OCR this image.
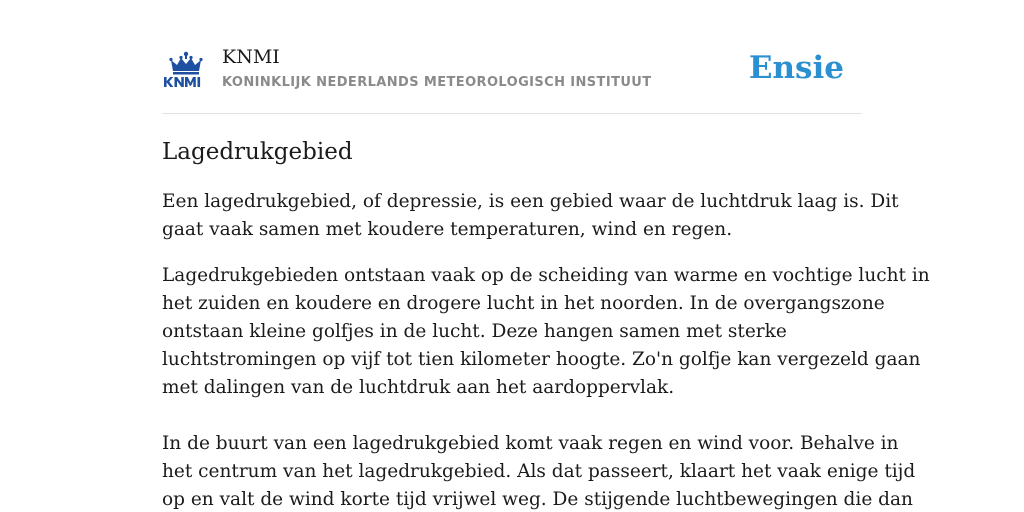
KNMI
KONINKLIJK NEDERLANDS METEOROLOGISCH INSTITUUT	Ensie
Lagedrukgebied

Een lagedrukgebied, of depressie, is een gebied waar de luchtdruk laag is. Dit
gaat vaak samen met koudere temperaturen, wind en regen.

Lagedrukgebieden ontstaan vaak op de scheiding van warme en vochtige lucht in
het zuiden en koudere en drogere lucht in het noorden. In de overgangszone
ontstaan kleine golfjes in de lucht. Deze hangen samen met sterke
luchtstromingen op vijf tot tien kilometer hoogte. Zo'n golfje kan vergezeld gaan
met dalingen van de luchtdruk aan het aardoppervlak.

In de buurt van een lagedrukgebied komt vaak regen en wind voor. Behalve in
het centrum van het lagedrukgebied. Als dat passeert, klaart het vaak enige tijd
op en valt de wind korte tijd vrijwel weg. De stijgende luchtbewegingen die dan
